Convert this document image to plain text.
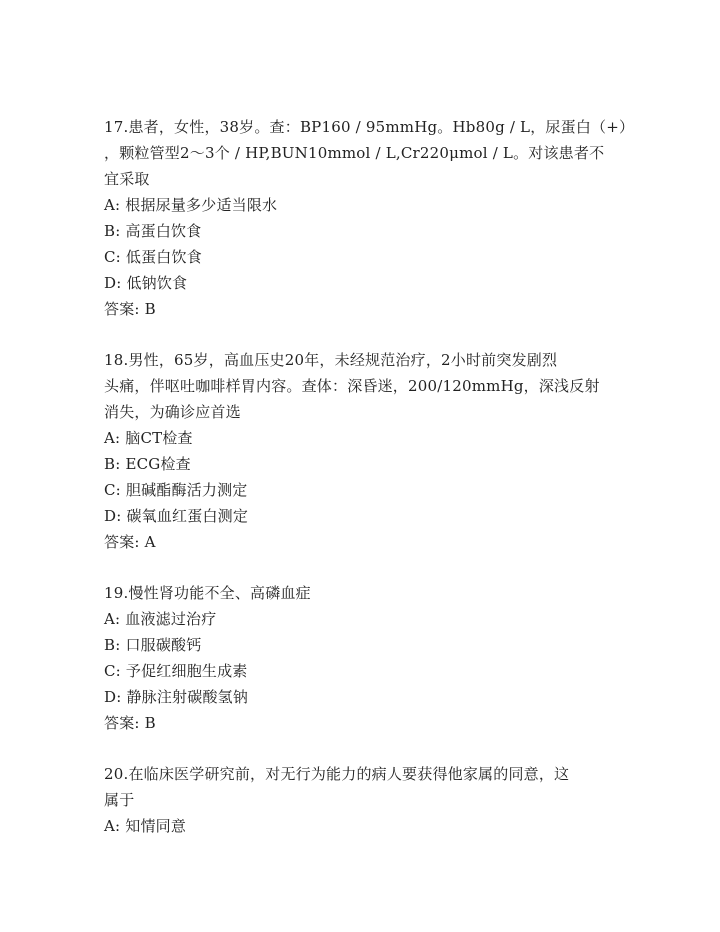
17.患者，女性，38岁。查：BP160 / 95mmHg。Hb80g / L，尿蛋白（+）
，颗粒管型2～3个 / HP,BUN10mmol / L,Cr220μmol / L。对该患者不
宜采取
A: 根据尿量多少适当限水
B: 高蛋白饮食
C: 低蛋白饮食
D: 低钠饮食
答案: B
18.男性，65岁，高血压史20年，未经规范治疗，2小时前突发剧烈
头痛，伴呕吐咖啡样胃内容。查体：深昏迷，200/120mmHg，深浅反射
消失，为确诊应首选
A: 脑CT检查
B: ECG检查
C: 胆碱酯酶活力测定
D: 碳氧血红蛋白测定
答案: A
19.慢性肾功能不全、高磷血症
A: 血液滤过治疗
B: 口服碳酸钙
C: 予促红细胞生成素
D: 静脉注射碳酸氢钠
答案: B
20.在临床医学研究前，对无行为能力的病人要获得他家属的同意，这
属于
A: 知情同意
